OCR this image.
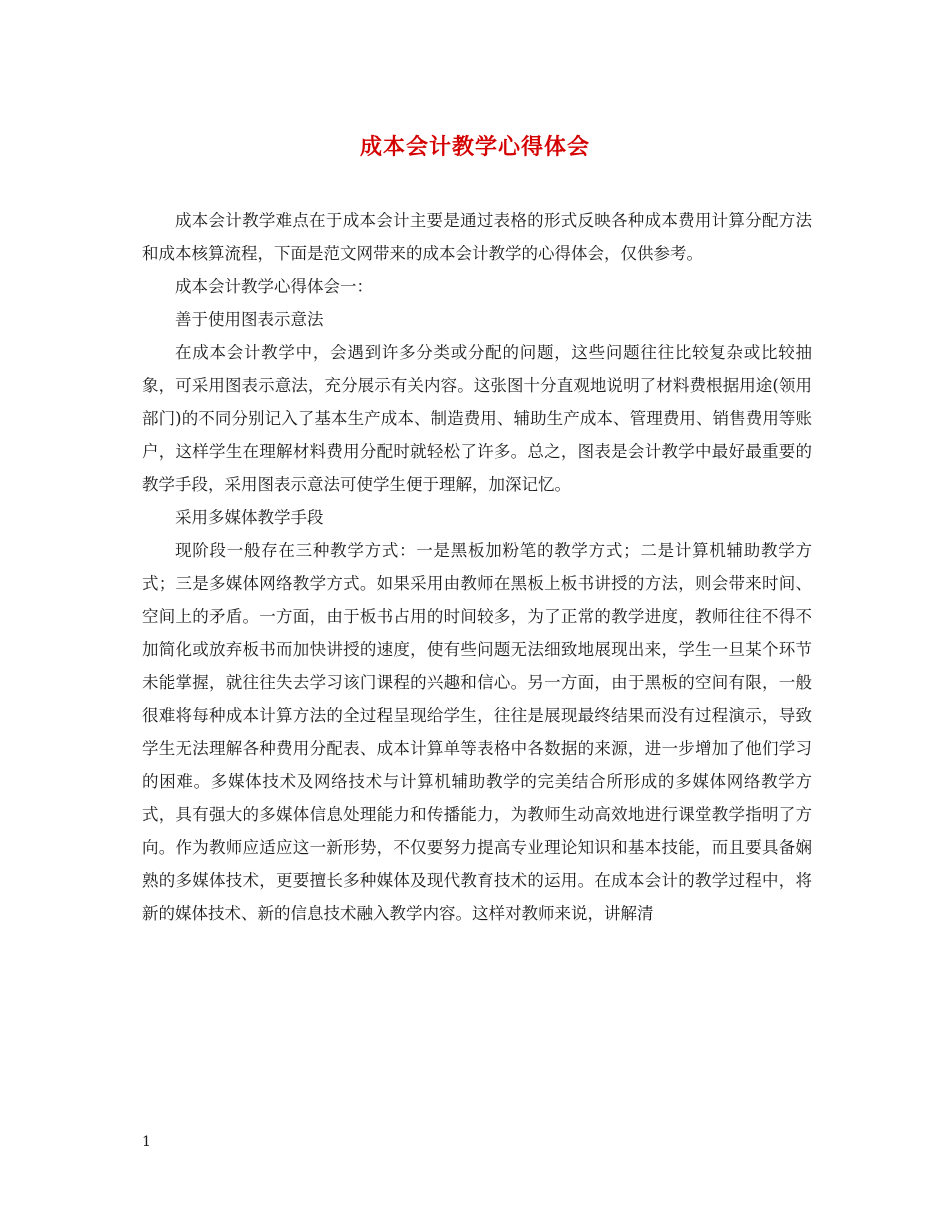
成本会计教学心得体会

成本会计教学难点在于成本会计主要是通过表格的形式反映各种成本费用计算分配方法和成本核算流程，下面是范文网带来的成本会计教学的心得体会，仅供参考。

成本会计教学心得体会一：

善于使用图表示意法

在成本会计教学中，会遇到许多分类或分配的问题，这些问题往往比较复杂或比较抽象，可采用图表示意法，充分展示有关内容。这张图十分直观地说明了材料费根据用途(领用部门)的不同分别记入了基本生产成本、制造费用、辅助生产成本、管理费用、销售费用等账户，这样学生在理解材料费用分配时就轻松了许多。总之，图表是会计教学中最好最重要的教学手段，采用图表示意法可使学生便于理解，加深记忆。

采用多媒体教学手段

现阶段一般存在三种教学方式：一是黑板加粉笔的教学方式；二是计算机辅助教学方式；三是多媒体网络教学方式。如果采用由教师在黑板上板书讲授的方法，则会带来时间、空间上的矛盾。一方面，由于板书占用的时间较多，为了正常的教学进度，教师往往不得不加简化或放弃板书而加快讲授的速度，使有些问题无法细致地展现出来，学生一旦某个环节未能掌握，就往往失去学习该门课程的兴趣和信心。另一方面，由于黑板的空间有限，一般很难将每种成本计算方法的全过程呈现给学生，往往是展现最终结果而没有过程演示，导致学生无法理解各种费用分配表、成本计算单等表格中各数据的来源，进一步增加了他们学习的困难。多媒体技术及网络技术与计算机辅助教学的完美结合所形成的多媒体网络教学方式，具有强大的多媒体信息处理能力和传播能力，为教师生动高效地进行课堂教学指明了方向。作为教师应适应这一新形势，不仅要努力提高专业理论知识和基本技能，而且要具备娴熟的多媒体技术，更要擅长多种媒体及现代教育技术的运用。在成本会计的教学过程中，将新的媒体技术、新的信息技术融入教学内容。这样对教师来说，讲解清

1
